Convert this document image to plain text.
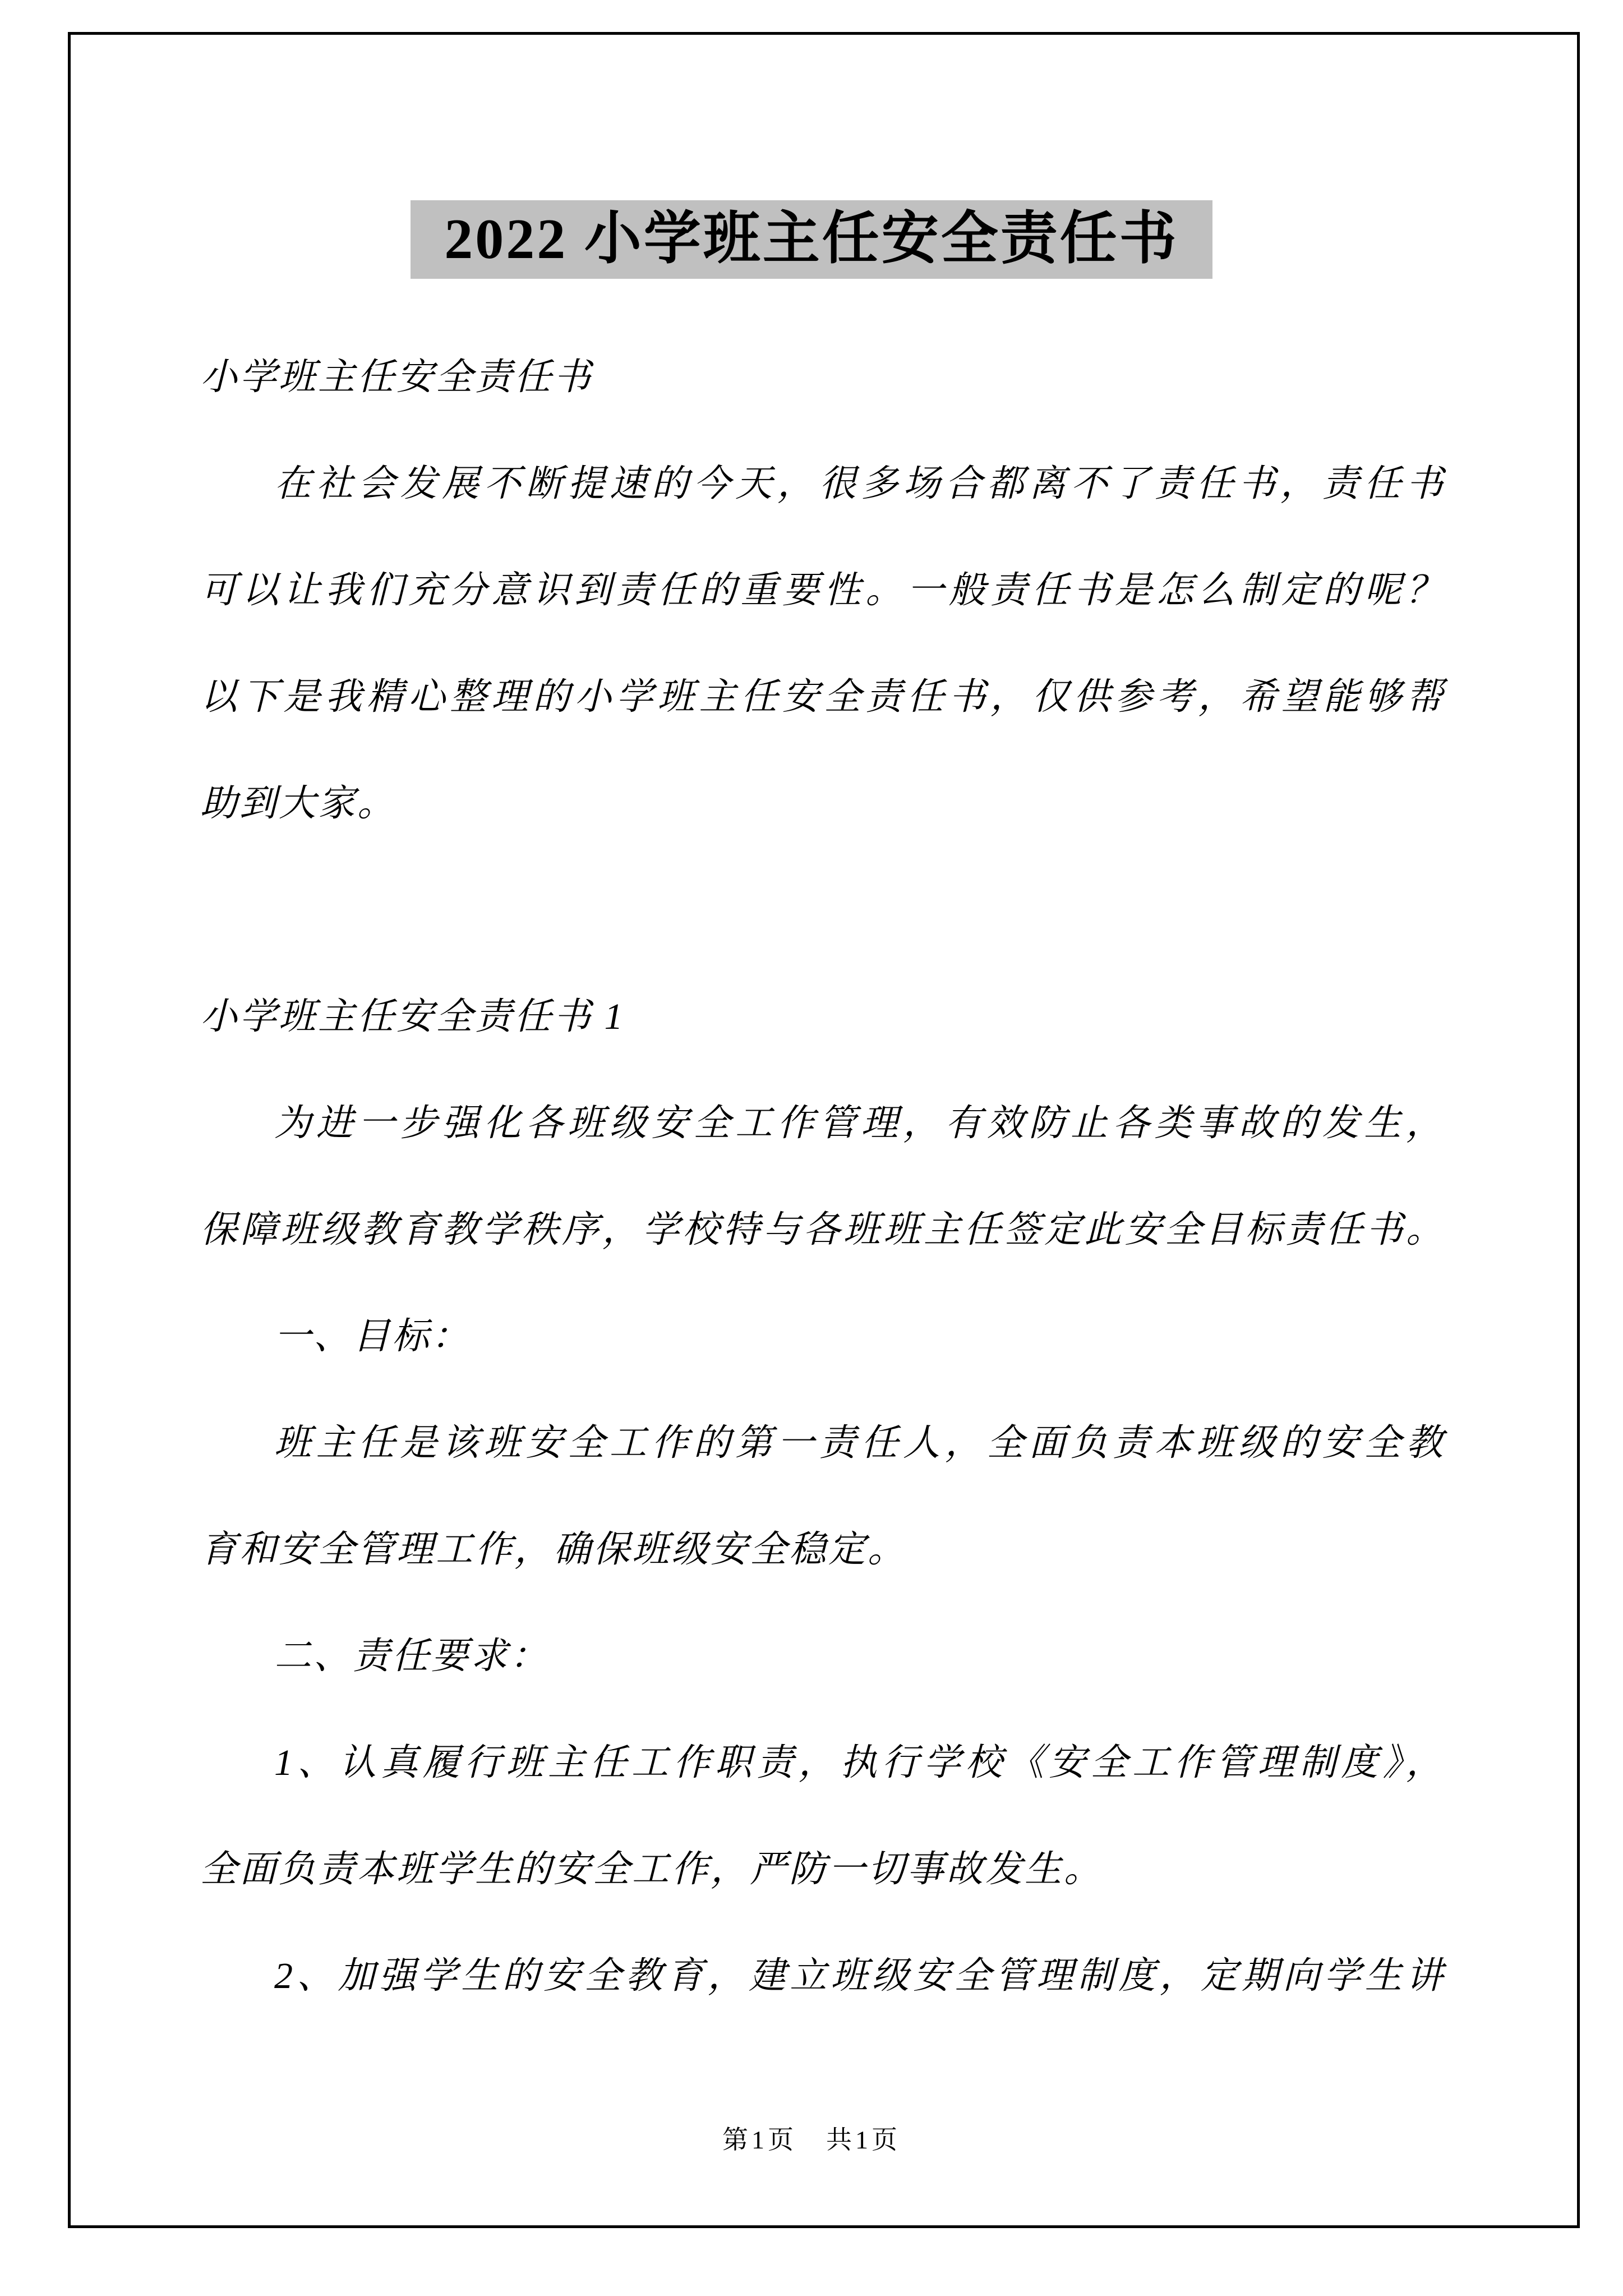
2022 小学班主任安全责任书
小学班主任安全责任书
在社会发展不断提速的今天，很多场合都离不了责任书，责任书
可以让我们充分意识到责任的重要性。一般责任书是怎么制定的呢？
以下是我精心整理的小学班主任安全责任书，仅供参考，希望能够帮
助到大家。
小学班主任安全责任书 1
为进一步强化各班级安全工作管理，有效防止各类事故的发生，
保障班级教育教学秩序，学校特与各班班主任签定此安全目标责任书。
一、目标：
班主任是该班安全工作的第一责任人，全面负责本班级的安全教
育和安全管理工作，确保班级安全稳定。
二、责任要求：
1、认真履行班主任工作职责，执行学校《安全工作管理制度》，
全面负责本班学生的安全工作，严防一切事故发生。
2、加强学生的安全教育，建立班级安全管理制度，定期向学生讲
第1页　共1页
